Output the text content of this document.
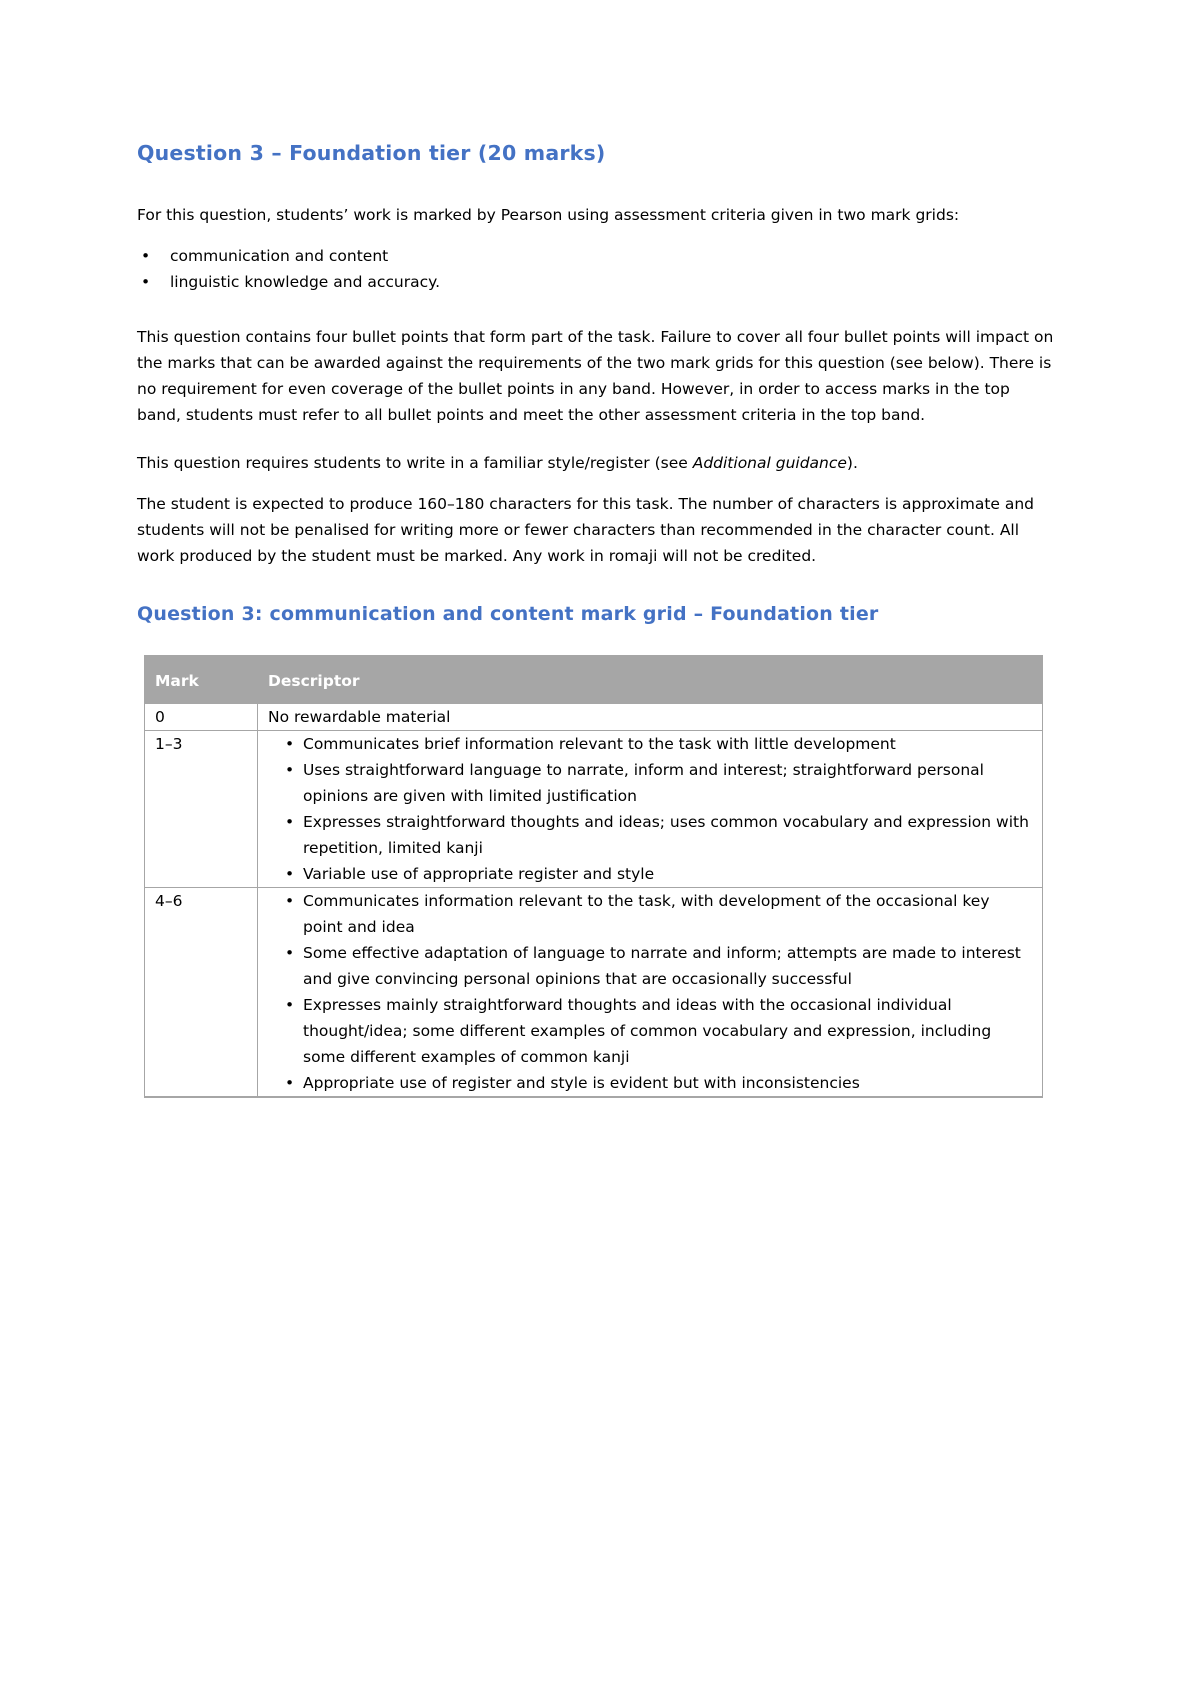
Question 3 – Foundation tier (20 marks)

For this question, students’ work is marked by Pearson using assessment criteria given in two mark grids:

• communication and content
• linguistic knowledge and accuracy.

This question contains four bullet points that form part of the task. Failure to cover all four bullet points will impact on the marks that can be awarded against the requirements of the two mark grids for this question (see below). There is no requirement for even coverage of the bullet points in any band. However, in order to access marks in the top band, students must refer to all bullet points and meet the other assessment criteria in the top band.

This question requires students to write in a familiar style/register (see Additional guidance).

The student is expected to produce 160–180 characters for this task. The number of characters is approximate and students will not be penalised for writing more or fewer characters than recommended in the character count. All work produced by the student must be marked. Any work in romaji will not be credited.

Question 3: communication and content mark grid – Foundation tier
Mark	Descriptor
0	No rewardable material
1–3	
•Communicates brief information relevant to the task with little development
• Uses straightforward language to narrate, inform and interest; straightforward personal opinions are given with limited justification
• Expresses straightforward thoughts and ideas; uses common vocabulary and expression with repetition, limited kanji
• Variable use of appropriate register and style

4–6	
•Communicates information relevant to the task, with development of the occasional key point and idea
• Some effective adaptation of language to narrate and inform; attempts are made to interest and give convincing personal opinions that are occasionally successful
• Expresses mainly straightforward thoughts and ideas with the occasional individual thought/idea; some different examples of common vocabulary and expression, including some different examples of common kanji
• Appropriate use of register and style is evident but with inconsistencies
